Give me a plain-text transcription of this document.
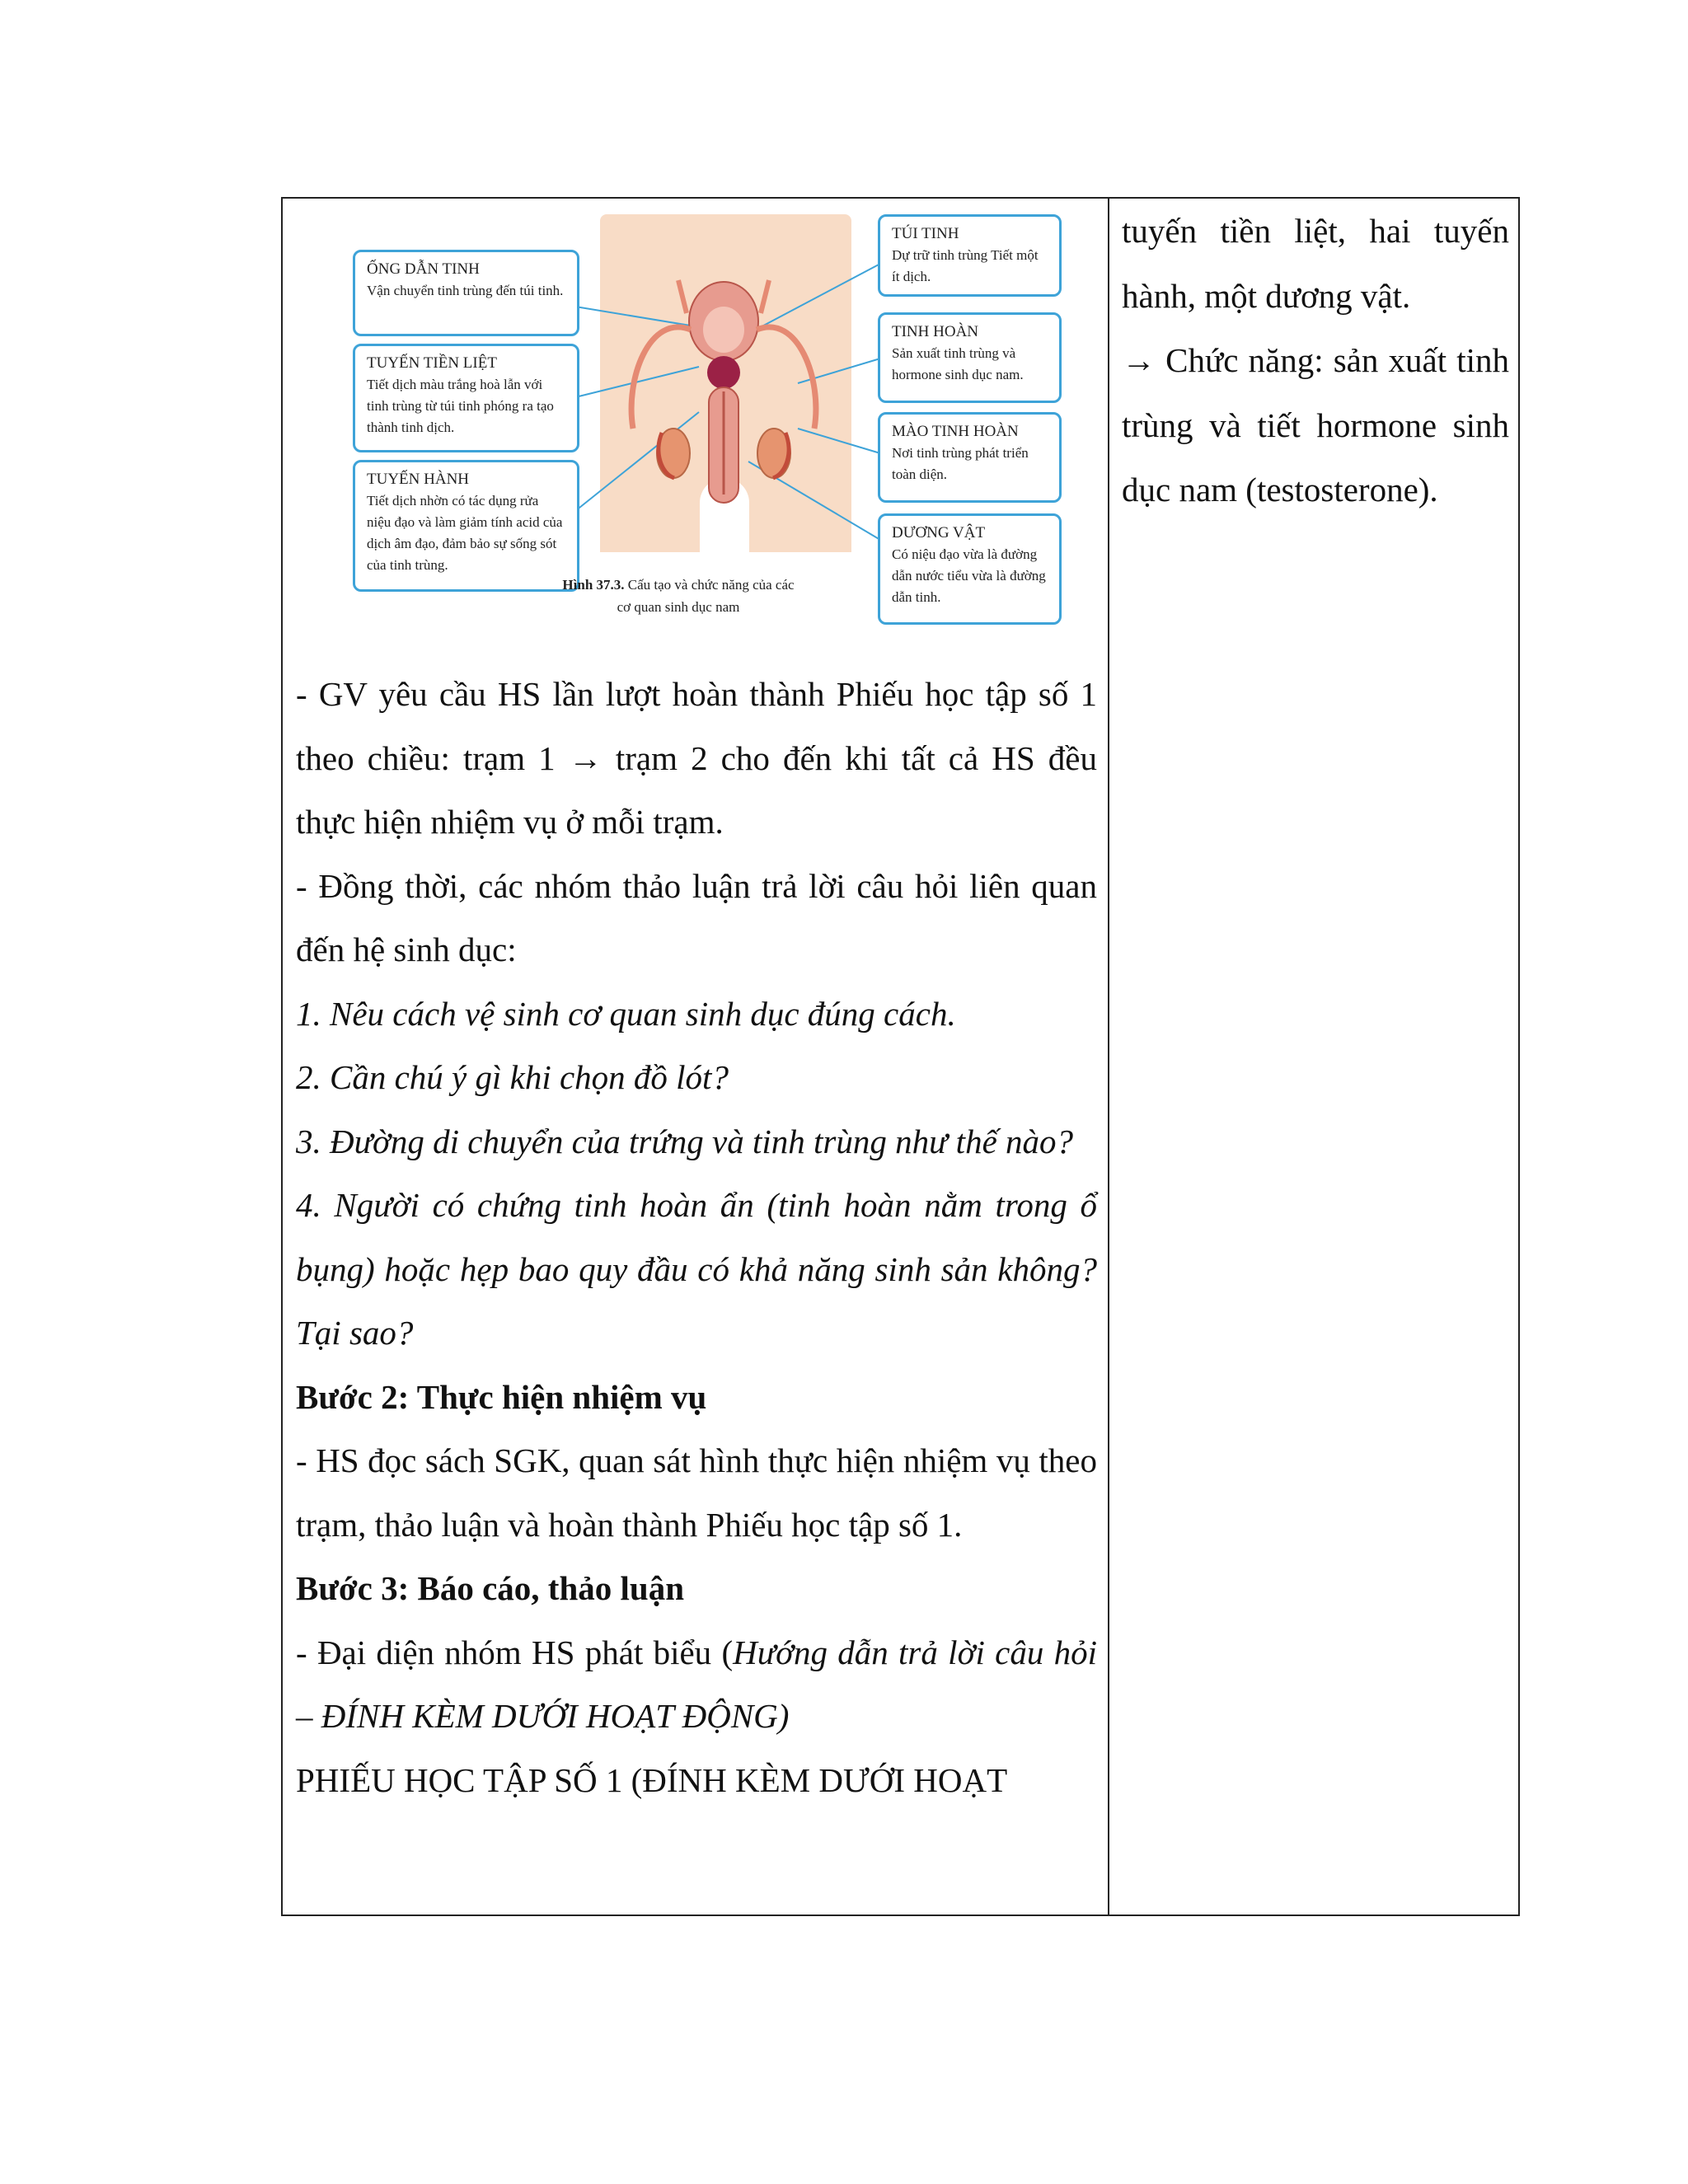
ỐNG DẪN TINH
Vận chuyển tinh trùng đến túi tinh.
TUYẾN TIỀN LIỆT
Tiết dịch màu trắng hoà lẫn với tinh trùng từ túi tinh phóng ra tạo thành tinh dịch.
TUYẾN HÀNH
Tiết dịch nhờn có tác dụng rửa niệu đạo và làm giảm tính acid của dịch âm đạo, đảm bảo sự sống sót của tinh trùng.
TÚI TINH
Dự trữ tinh trùng Tiết một ít dịch.
TINH HOÀN
Sản xuất tinh trùng và hormone sinh dục nam.
MÀO TINH HOÀN
Nơi tinh trùng phát triển toàn diện.
DƯƠNG VẬT
Có niệu đạo vừa là đường dẫn nước tiểu vừa là đường dẫn tinh.
Hình 37.3. Cấu tạo và chức năng của các cơ quan sinh dục nam

- GV yêu cầu HS lần lượt hoàn thành Phiếu học tập số 1 theo chiều: trạm 1 → trạm 2 cho đến khi tất cả HS đều thực hiện nhiệm vụ ở mỗi trạm.

- Đồng thời, các nhóm thảo luận trả lời câu hỏi liên quan đến hệ sinh dục:

1. Nêu cách vệ sinh cơ quan sinh dục đúng cách.

2. Cần chú ý gì khi chọn đồ lót?

3. Đường di chuyển của trứng và tinh trùng như thế nào?

4. Người có chứng tinh hoàn ẩn (tinh hoàn nằm trong ổ bụng) hoặc hẹp bao quy đầu có khả năng sinh sản không? Tại sao?

Bước 2: Thực hiện nhiệm vụ

- HS đọc sách SGK, quan sát hình thực hiện nhiệm vụ theo trạm, thảo luận và hoàn thành Phiếu học tập số 1.

Bước 3: Báo cáo, thảo luận

- Đại diện nhóm HS phát biểu (Hướng dẫn trả lời câu hỏi – ĐÍNH KÈM DƯỚI HOẠT ĐỘNG)

PHIẾU HỌC TẬP SỐ 1 (ĐÍNH KÈM DƯỚI HOẠT

tuyến tiền liệt, hai tuyến hành, một dương vật.

→ Chức năng: sản xuất tinh trùng và tiết hormone sinh dục nam (testosterone).
